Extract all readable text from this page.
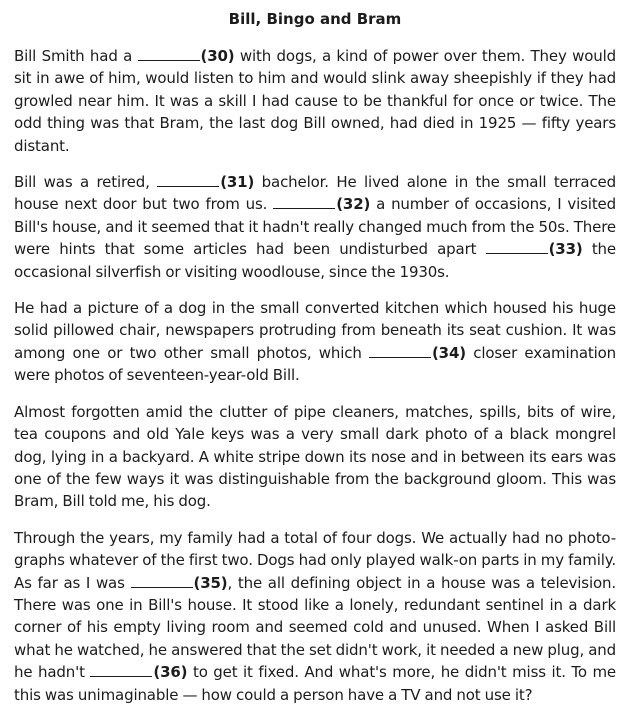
Bill, Bingo and Bram

Bill Smith had a	(30) with dogs, a kind of power over them. They would sit in awe of him, would listen to him and would slink away sheepishly if they had growled near him. It was a skill I had cause to be thankful for once or twice. The odd thing was that Bram, the last dog Bill owned, had died in 1925 — fifty years distant.

Bill was a retired,	(31) bachelor. He lived alone in the small terraced house next door but two from us.	(32) a number of occasions, I visited Bill's house, and it seemed that it hadn't really changed much from the 50s. There were hints that some articles had been undisturbed apart	(33) the occasional silverfish or visiting woodlouse, since the 1930s.

He had a picture of a dog in the small converted kitchen which housed his huge solid pillowed chair, newspapers protruding from beneath its seat cushion. It was among one or two other small photos, which	(34) closer examination were photos of seventeen-year-old Bill.

Almost forgotten amid the clutter of pipe cleaners, matches, spills, bits of wire, tea coupons and old Yale keys was a very small dark photo of a black mongrel dog, lying in a backyard. A white stripe down its nose and in between its ears was one of the few ways it was distinguishable from the background gloom. This was Bram, Bill told me, his dog.

Through the years, my family had a total of four dogs. We actually had no photo-graphs whatever of the first two. Dogs had only played walk-on parts in my family. As far as I was	(35), the all defining object in a house was a television. There was one in Bill's house. It stood like a lonely, redundant sentinel in a dark corner of his empty living room and seemed cold and unused. When I asked Bill what he watched, he answered that the set didn't work, it needed a new plug, and he hadn't	(36) to get it fixed. And what's more, he didn't miss it. To me this was unimaginable — how could a person have a TV and not use it?
